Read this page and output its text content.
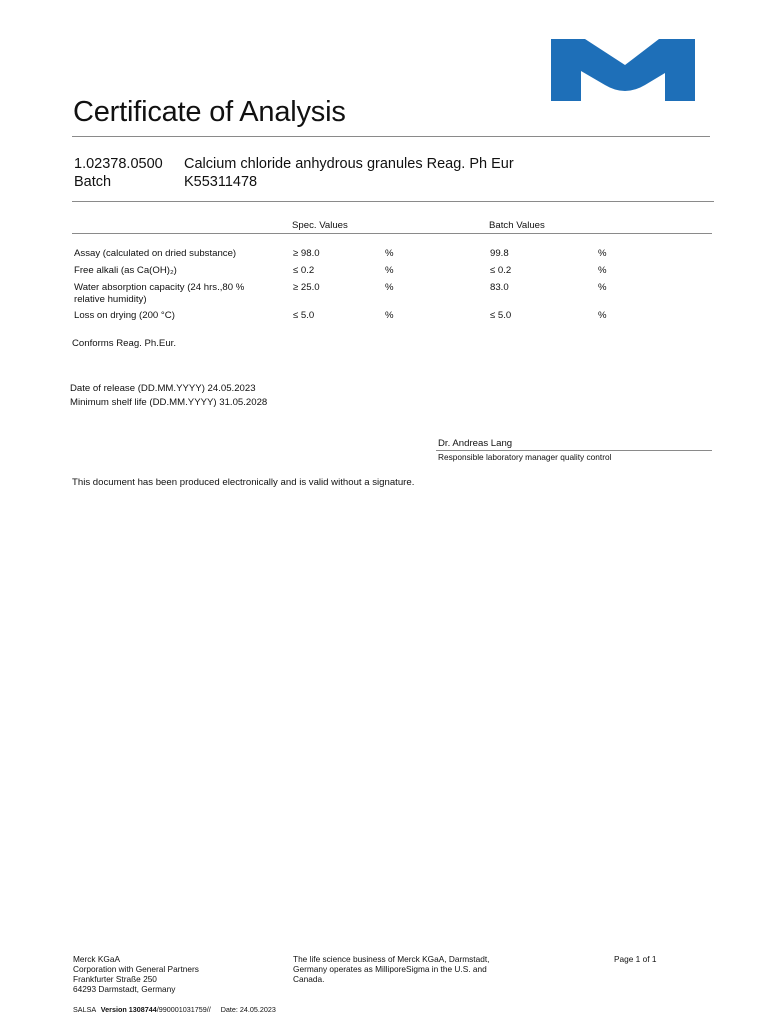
Certificate of Analysis
1.02378.0500 Calcium chloride anhydrous granules Reag. Ph Eur
Batch	K55311478
Spec. Values	Batch Values
Assay (calculated on dried substance)	≥ 98.0	%	99.8	%
Free alkali (as Ca(OH)₂)	≤ 0.2	%	≤ 0.2	%
Water absorption capacity (24 hrs.,80 %
relative humidity)
≥ 25.0	%	83.0	%
Loss on drying (200 °C)	≤ 5.0	%	≤ 5.0	%
Conforms Reag. Ph.Eur.
Date of release (DD.MM.YYYY) 24.05.2023
Minimum shelf life (DD.MM.YYYY) 31.05.2028
Dr. Andreas Lang
Responsible laboratory manager quality control
This document has been produced electronically and is valid without a signature.
Merck KGaA
Corporation with General Partners
Frankfurter Straße 250
64293 Darmstadt, Germany
The life science business of Merck KGaA, Darmstadt, Germany operates as MilliporeSigma in the U.S. and Canada.
Page 1 of 1
SALSA Version 1308744/990001031759// Date: 24.05.2023
